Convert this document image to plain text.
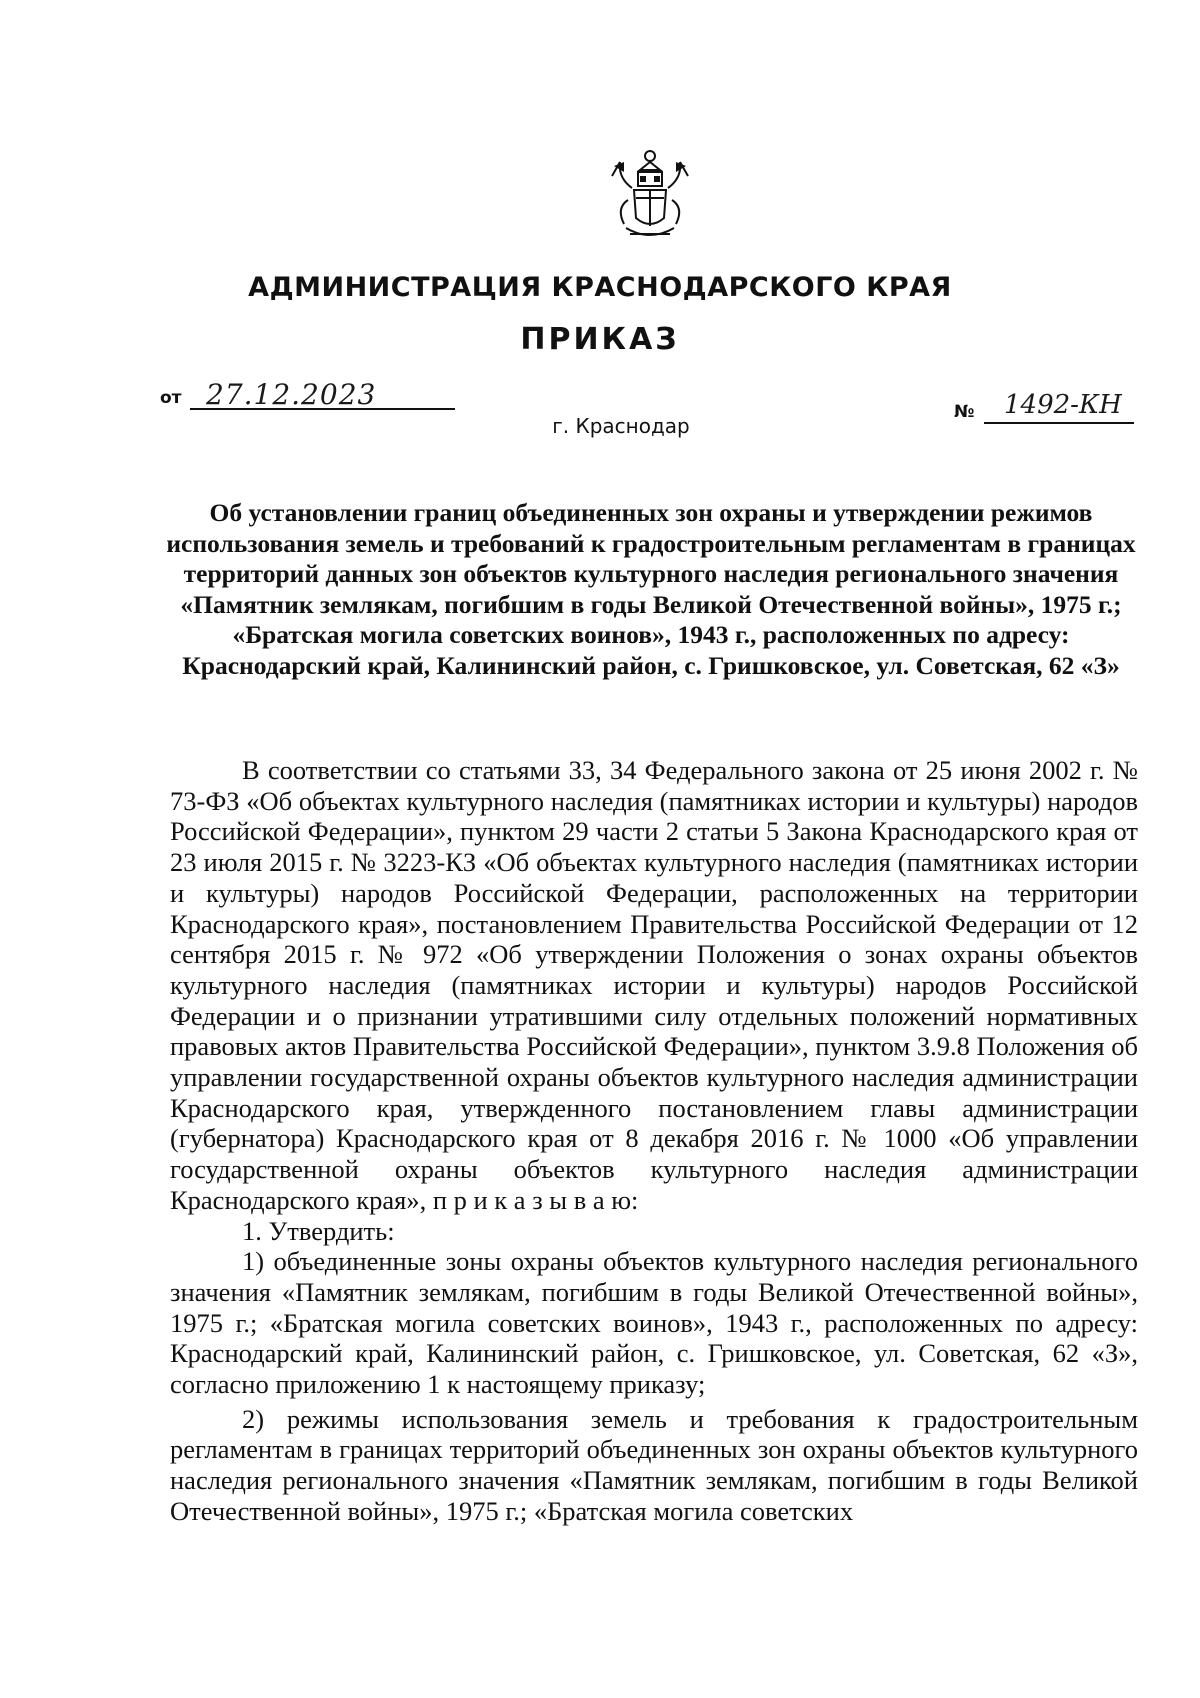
АДМИНИСТРАЦИЯ КРАСНОДАРСКОГО КРАЯ
ПРИКАЗ
от 27.12.2023
г. Краснодар
№ 1492-КН
Об установлении границ объединенных зон охраны и утверждении режимов использования земель и требований к градостроительным регламентам в границах территорий данных зон объектов культурного наследия регионального значения «Памятник землякам, погибшим в годы Великой Отечественной войны», 1975 г.; «Братская могила советских воинов», 1943 г., расположенных по адресу: Краснодарский край, Калининский район, с. Гришковское, ул. Советская, 62 «З»

В соответствии со статьями 33, 34 Федерального закона от 25 июня 2002 г. № 73-ФЗ «Об объектах культурного наследия (памятниках истории и культуры) народов Российской Федерации», пунктом 29 части 2 статьи 5 Закона Краснодарского края от 23 июля 2015 г. № 3223-КЗ «Об объектах культурного наследия (памятниках истории и культуры) народов Российской Федерации, расположенных на территории Краснодарского края», постановлением Правительства Российской Федерации от 12 сентября 2015 г. № 972 «Об утверждении Положения о зонах охраны объектов культурного наследия (памятниках истории и культуры) народов Российской Федерации и о признании утратившими силу отдельных положений нормативных правовых актов Правительства Российской Федерации», пунктом 3.9.8 Положения об управлении государственной охраны объектов культурного наследия администрации Краснодарского края, утвержденного постановлением главы администрации (губернатора) Краснодарского края от 8 декабря 2016 г. № 1000 «Об управлении государственной охраны объектов культурного наследия администрации Краснодарского края», п р и к а з ы в а ю:

1. Утвердить:

1) объединенные зоны охраны объектов культурного наследия регионального значения «Памятник землякам, погибшим в годы Великой Отечественной войны», 1975 г.; «Братская могила советских воинов», 1943 г., расположенных по адресу: Краснодарский край, Калининский район, с. Гришковское, ул. Советская, 62 «З», согласно приложению 1 к настоящему приказу;

2) режимы использования земель и требования к градостроительным регламентам в границах территорий объединенных зон охраны объектов культурного наследия регионального значения «Памятник землякам, погибшим в годы Великой Отечественной войны», 1975 г.; «Братская могила советских
